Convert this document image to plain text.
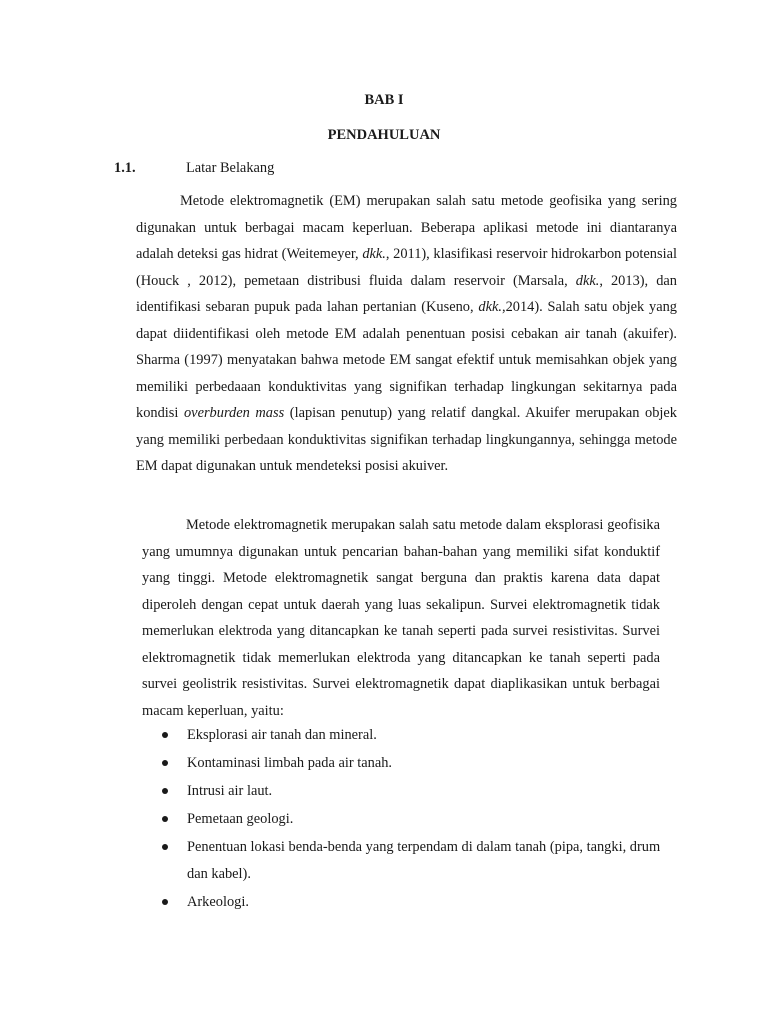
BAB I
PENDAHULUAN
1.1.	Latar Belakang
Metode elektromagnetik (EM) merupakan salah satu metode geofisika yang sering digunakan untuk berbagai macam keperluan. Beberapa aplikasi metode ini diantaranya adalah deteksi gas hidrat (Weitemeyer, dkk., 2011), klasifikasi reservoir hidrokarbon potensial (Houck , 2012), pemetaan distribusi fluida dalam reservoir (Marsala, dkk., 2013), dan identifikasi sebaran pupuk pada lahan pertanian (Kuseno, dkk.,2014). Salah satu objek yang dapat diidentifikasi oleh metode EM adalah penentuan posisi cebakan air tanah (akuifer). Sharma (1997) menyatakan bahwa metode EM sangat efektif untuk memisahkan objek yang memiliki perbedaaan konduktivitas yang signifikan terhadap lingkungan sekitarnya pada kondisi overburden mass (lapisan penutup) yang relatif dangkal. Akuifer merupakan objek yang memiliki perbedaan konduktivitas signifikan terhadap lingkungannya, sehingga metode EM dapat digunakan untuk mendeteksi posisi akuiver.
Metode elektromagnetik merupakan salah satu metode dalam eksplorasi geofisika yang umumnya digunakan untuk pencarian bahan-bahan yang memiliki sifat konduktif yang tinggi. Metode elektromagnetik sangat berguna dan praktis karena data dapat diperoleh dengan cepat untuk daerah yang luas sekalipun. Survei elektromagnetik tidak memerlukan elektroda yang ditancapkan ke tanah seperti pada survei resistivitas. Survei elektromagnetik tidak memerlukan elektroda yang ditancapkan ke tanah seperti pada survei geolistrik resistivitas. Survei elektromagnetik dapat diaplikasikan untuk berbagai macam keperluan, yaitu:
Eksplorasi air tanah dan mineral.
Kontaminasi limbah pada air tanah.
Intrusi air laut.
Pemetaan geologi.
Penentuan lokasi benda-benda yang terpendam di dalam tanah (pipa, tangki, drum dan kabel).
Arkeologi.
